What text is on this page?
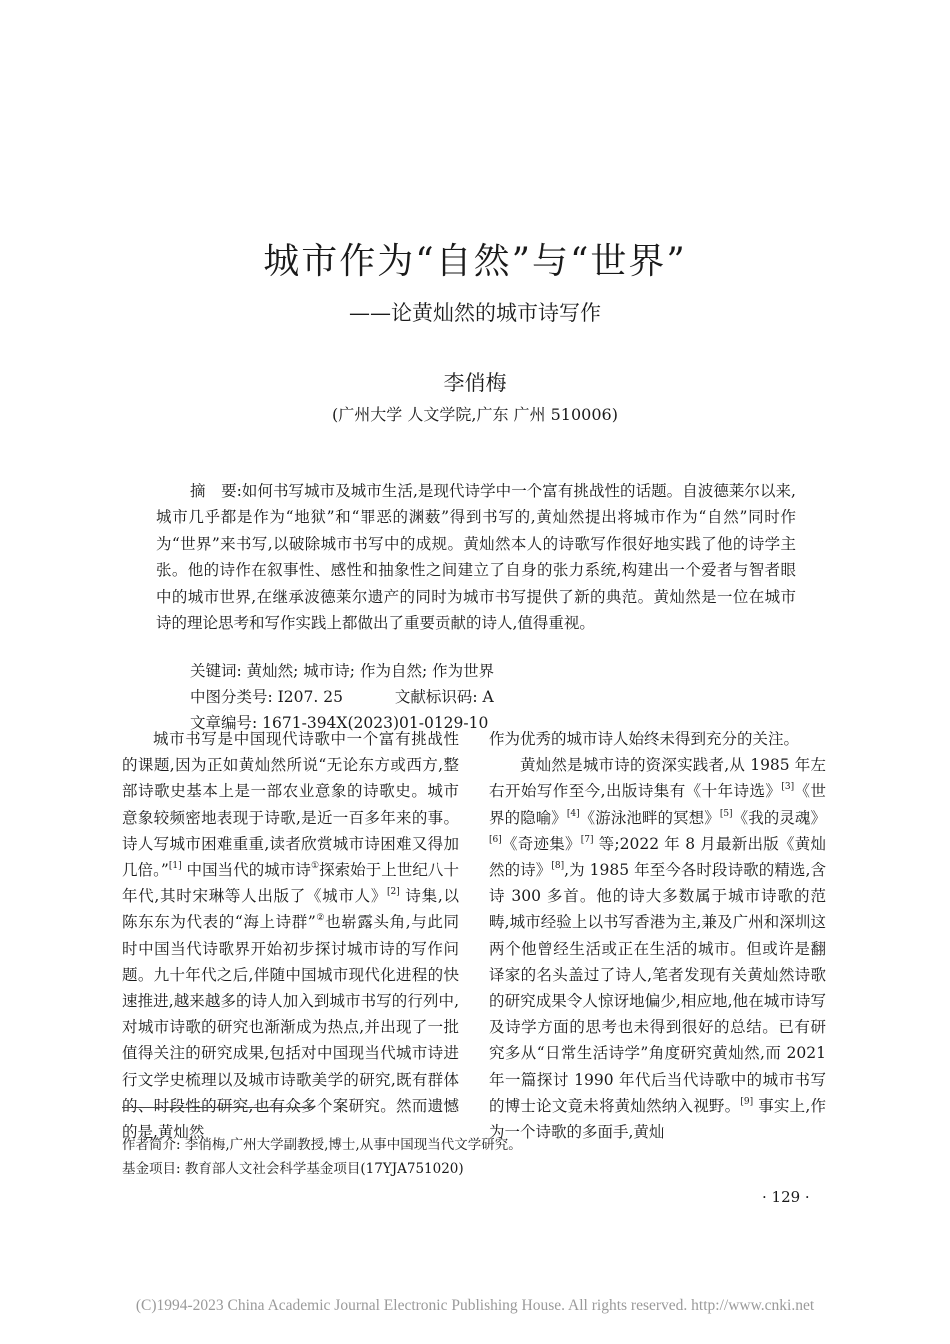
城市作为“自然”与“世界”
——论黄灿然的城市诗写作
李俏梅
(广州大学 人文学院,广东 广州 510006)
摘　要:如何书写城市及城市生活,是现代诗学中一个富有挑战性的话题。自波德莱尔以来,城市几乎都是作为“地狱”和“罪恶的渊薮”得到书写的,黄灿然提出将城市作为“自然”同时作为“世界”来书写,以破除城市书写中的成规。黄灿然本人的诗歌写作很好地实践了他的诗学主张。他的诗作在叙事性、感性和抽象性之间建立了自身的张力系统,构建出一个爱者与智者眼中的城市世界,在继承波德莱尔遗产的同时为城市书写提供了新的典范。黄灿然是一位在城市诗的理论思考和写作实践上都做出了重要贡献的诗人,值得重视。
关键词: 黄灿然; 城市诗; 作为自然; 作为世界
中图分类号: I207. 25	文献标识码: A  文章编号: 1671-394X(2023)01-0129-10

城市书写是中国现代诗歌中一个富有挑战性的课题,因为正如黄灿然所说“无论东方或西方,整部诗歌史基本上是一部农业意象的诗歌史。城市意象较频密地表现于诗歌,是近一百多年来的事。诗人写城市困难重重,读者欣赏城市诗困难又得加几倍。”[1] 中国当代的城市诗①探索始于上世纪八十年代,其时宋琳等人出版了《城市人》[2] 诗集,以陈东东为代表的“海上诗群”②也崭露头角,与此同时中国当代诗歌界开始初步探讨城市诗的写作问题。九十年代之后,伴随中国城市现代化进程的快速推进,越来越多的诗人加入到城市书写的行列中,对城市诗歌的研究也渐渐成为热点,并出现了一批值得关注的研究成果,包括对中国现当代城市诗进行文学史梳理以及城市诗歌美学的研究,既有群体的、时段性的研究,也有众多个案研究。然而遗憾的是,黄灿然

作为优秀的城市诗人始终未得到充分的关注。

黄灿然是城市诗的资深实践者,从 1985 年左右开始写作至今,出版诗集有《十年诗选》[3]《世界的隐喻》[4]《游泳池畔的冥想》[5]《我的灵魂》[6]《奇迹集》[7] 等;2022 年 8 月最新出版《黄灿然的诗》[8],为 1985 年至今各时段诗歌的精选,含诗 300 多首。他的诗大多数属于城市诗歌的范畴,城市经验上以书写香港为主,兼及广州和深圳这两个他曾经生活或正在生活的城市。但或许是翻译家的名头盖过了诗人,笔者发现有关黄灿然诗歌的研究成果令人惊讶地偏少,相应地,他在城市诗写及诗学方面的思考也未得到很好的总结。已有研究多从“日常生活诗学”角度研究黄灿然,而 2021 年一篇探讨 1990 年代后当代诗歌中的城市书写的博士论文竟未将黄灿然纳入视野。[9] 事实上,作为一个诗歌的多面手,黄灿

作者简介: 李俏梅,广州大学副教授,博士,从事中国现当代文学研究。
基金项目: 教育部人文社会科学基金项目(17YJA751020)
· 129 ·
(C)1994-2023 China Academic Journal Electronic Publishing House. All rights reserved. http://www.cnki.net
